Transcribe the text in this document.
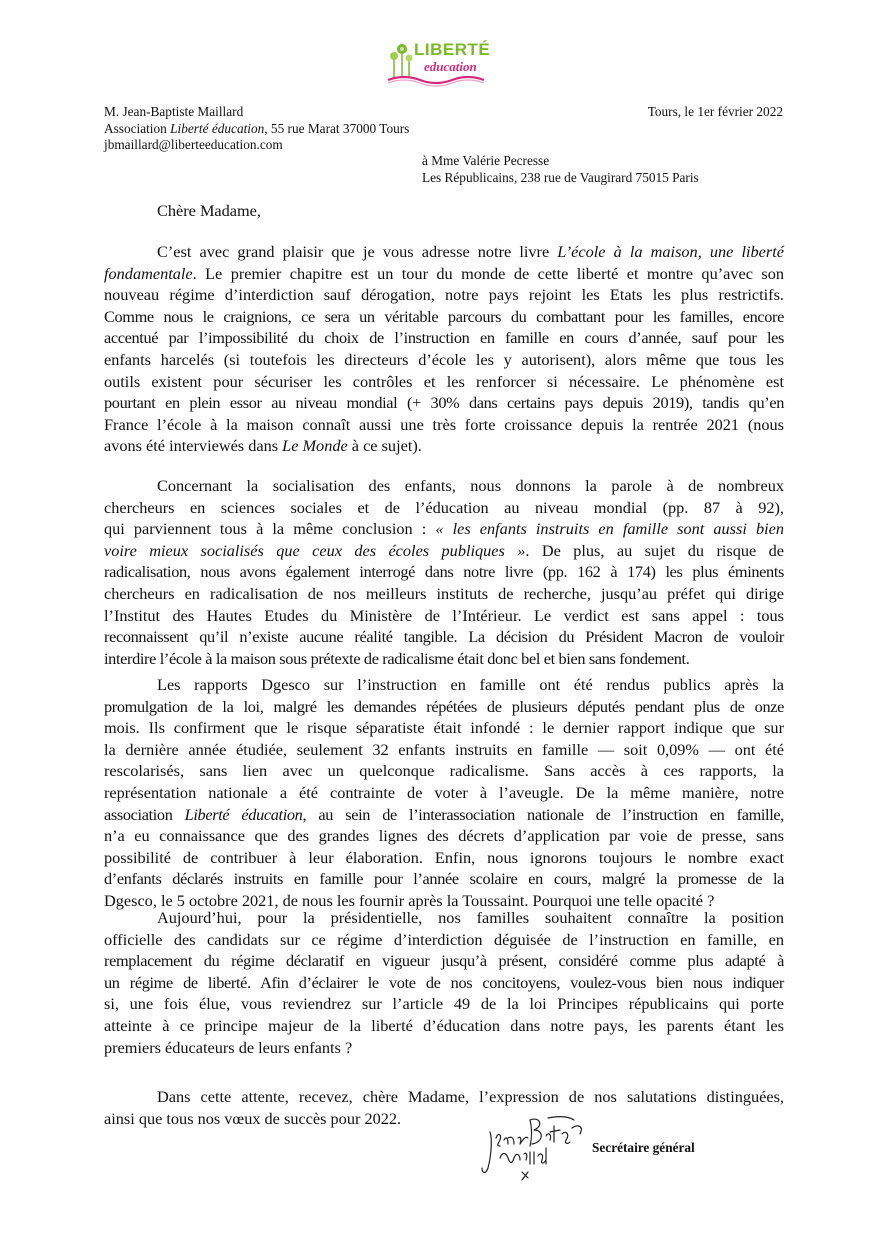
LIBERTÉ
education
M. Jean-Baptiste Maillard
Association Liberté éducation, 55 rue Marat 37000 Tours
jbmaillard@liberteeducation.com
Tours, le 1er février 2022
à Mme Valérie Pecresse
Les Républicains, 238 rue de Vaugirard 75015 Paris
Chère Madame,
C’est avec grand plaisir que je vous adresse notre livre L’école à la maison, une liberté
fondamentale. Le premier chapitre est un tour du monde de cette liberté et montre qu’avec son
nouveau régime d’interdiction sauf dérogation, notre pays rejoint les Etats les plus restrictifs.
Comme nous le craignions, ce sera un véritable parcours du combattant pour les familles, encore
accentué par l’impossibilité du choix de l’instruction en famille en cours d’année, sauf pour les
enfants harcelés (si toutefois les directeurs d’école les y autorisent), alors même que tous les
outils existent pour sécuriser les contrôles et les renforcer si nécessaire. Le phénomène est
pourtant en plein essor au niveau mondial (+ 30% dans certains pays depuis 2019), tandis qu’en
France l’école à la maison connaît aussi une très forte croissance depuis la rentrée 2021 (nous
avons été interviewés dans Le Monde à ce sujet).
Concernant la socialisation des enfants, nous donnons la parole à de nombreux
chercheurs en sciences sociales et de l’éducation au niveau mondial (pp. 87 à 92),
qui parviennent tous à la même conclusion : « les enfants instruits en famille sont aussi bien
voire mieux socialisés que ceux des écoles publiques ». De plus, au sujet du risque de
radicalisation, nous avons également interrogé dans notre livre (pp. 162 à 174) les plus éminents
chercheurs en radicalisation de nos meilleurs instituts de recherche, jusqu’au préfet qui dirige
l’Institut des Hautes Etudes du Ministère de l’Intérieur. Le verdict est sans appel : tous
reconnaissent qu’il n’existe aucune réalité tangible. La décision du Président Macron de vouloir
interdire l’école à la maison sous prétexte de radicalisme était donc bel et bien sans fondement.
Les rapports Dgesco sur l’instruction en famille ont été rendus publics après la
promulgation de la loi, malgré les demandes répétées de plusieurs députés pendant plus de onze
mois. Ils confirment que le risque séparatiste était infondé : le dernier rapport indique que sur
la dernière année étudiée, seulement 32 enfants instruits en famille — soit 0,09% — ont été
rescolarisés, sans lien avec un quelconque radicalisme. Sans accès à ces rapports, la
représentation nationale a été contrainte de voter à l’aveugle. De la même manière, notre
association Liberté éducation, au sein de l’interassociation nationale de l’instruction en famille,
n’a eu connaissance que des grandes lignes des décrets d’application par voie de presse, sans
possibilité de contribuer à leur élaboration. Enfin, nous ignorons toujours le nombre exact
d’enfants déclarés instruits en famille pour l’année scolaire en cours, malgré la promesse de la
Dgesco, le 5 octobre 2021, de nous les fournir après la Toussaint. Pourquoi une telle opacité ?
Aujourd’hui, pour la présidentielle, nos familles souhaitent connaître la position
officielle des candidats sur ce régime d’interdiction déguisée de l’instruction en famille, en
remplacement du régime déclaratif en vigueur jusqu’à présent, considéré comme plus adapté à
un régime de liberté. Afin d’éclairer le vote de nos concitoyens, voulez-vous bien nous indiquer
si, une fois élue, vous reviendrez sur l’article 49 de la loi Principes républicains qui porte
atteinte à ce principe majeur de la liberté d’éducation dans notre pays, les parents étant les
premiers éducateurs de leurs enfants ?
Dans cette attente, recevez, chère Madame, l’expression de nos salutations distinguées,
ainsi que tous nos vœux de succès pour 2022.
Secrétaire général
